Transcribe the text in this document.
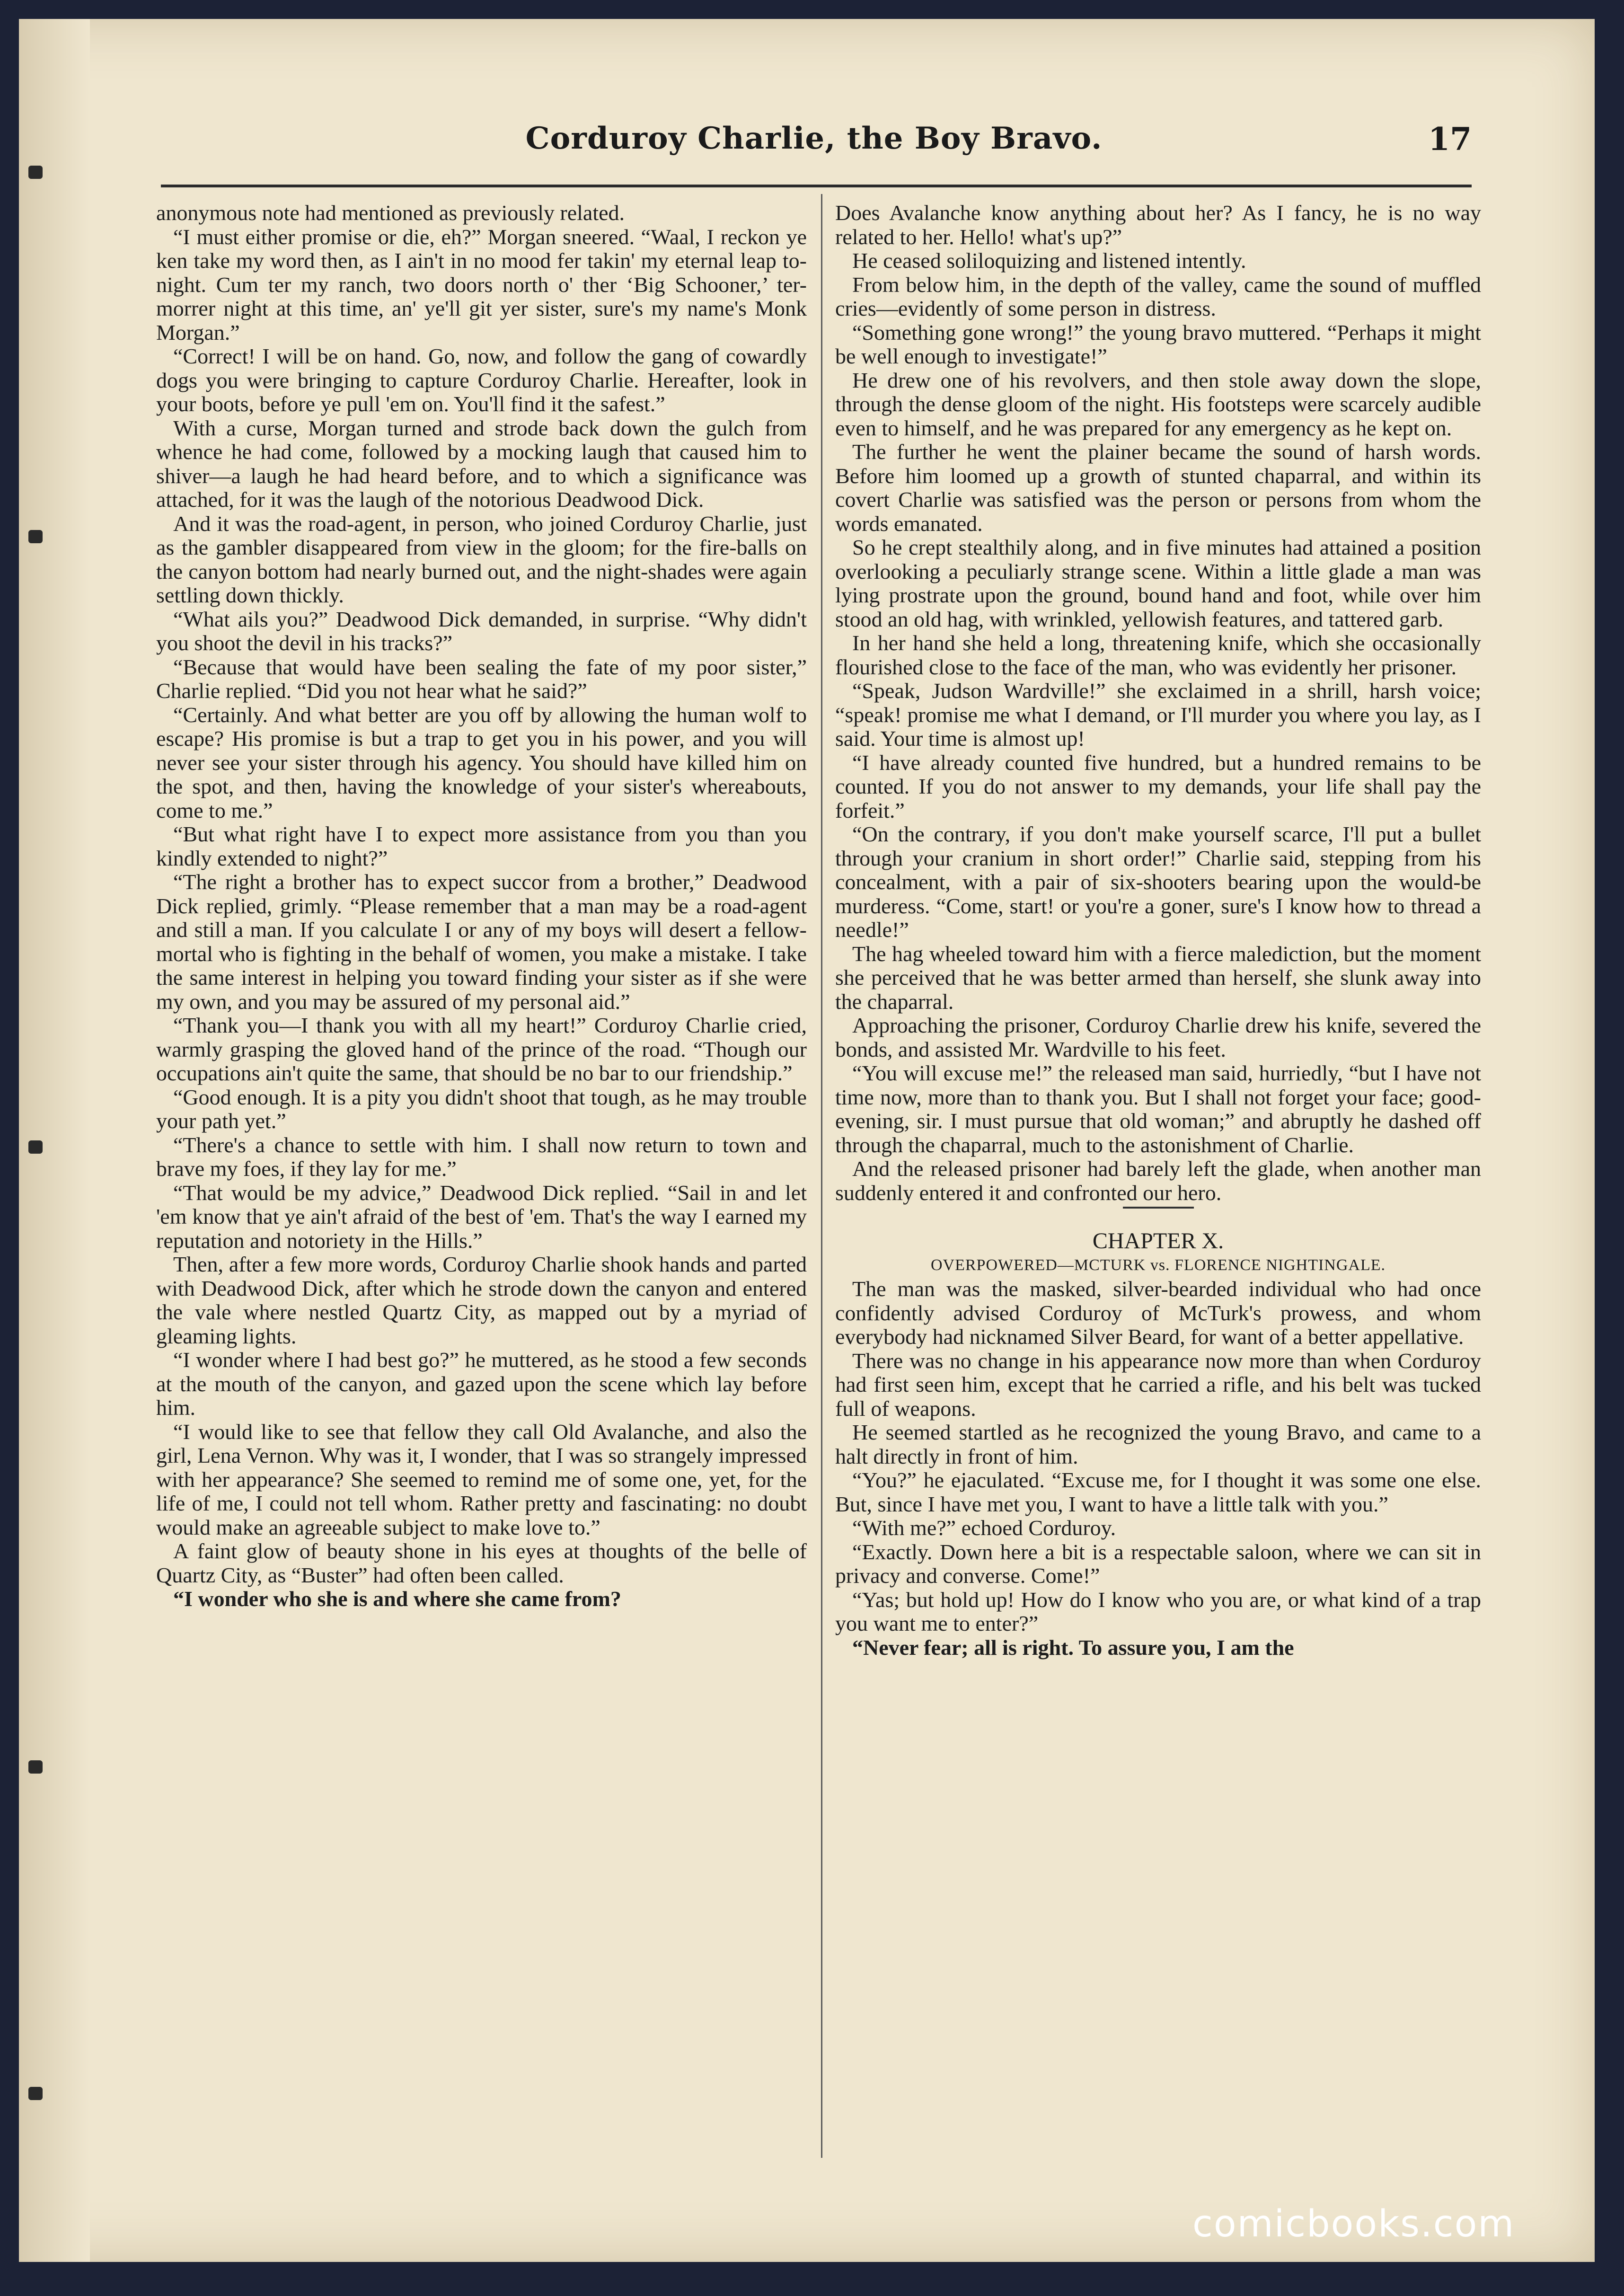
Corduroy Charlie, the Boy Bravo.	17

anonymous note had mentioned as previously related.

“I must either promise or die, eh?” Morgan sneered. “Waal, I reckon ye ken take my word then, as I ain't in no mood fer takin' my eternal leap to-night. Cum ter my ranch, two doors north o' ther ‘Big Schooner,’ ter-morrer night at this time, an' ye'll git yer sister, sure's my name's Monk Morgan.”

“Correct! I will be on hand. Go, now, and follow the gang of cowardly dogs you were bringing to capture Corduroy Charlie. Hereafter, look in your boots, before ye pull 'em on. You'll find it the safest.”

With a curse, Morgan turned and strode back down the gulch from whence he had come, followed by a mocking laugh that caused him to shiver—a laugh he had heard before, and to which a significance was attached, for it was the laugh of the notorious Deadwood Dick.

And it was the road-agent, in person, who joined Corduroy Charlie, just as the gambler disappeared from view in the gloom; for the fire-balls on the canyon bottom had nearly burned out, and the night-shades were again settling down thickly.

“What ails you?” Deadwood Dick demanded, in surprise. “Why didn't you shoot the devil in his tracks?”

“Because that would have been sealing the fate of my poor sister,” Charlie replied. “Did you not hear what he said?”

“Certainly. And what better are you off by allowing the human wolf to escape? His promise is but a trap to get you in his power, and you will never see your sister through his agency. You should have killed him on the spot, and then, having the knowledge of your sister's whereabouts, come to me.”

“But what right have I to expect more assistance from you than you kindly extended to night?”

“The right a brother has to expect succor from a brother,” Deadwood Dick replied, grimly. “Please remember that a man may be a road-agent and still a man. If you calculate I or any of my boys will desert a fellow-mortal who is fighting in the behalf of women, you make a mistake. I take the same interest in helping you toward finding your sister as if she were my own, and you may be assured of my personal aid.”

“Thank you—I thank you with all my heart!” Corduroy Charlie cried, warmly grasping the gloved hand of the prince of the road. “Though our occupations ain't quite the same, that should be no bar to our friendship.”

“Good enough. It is a pity you didn't shoot that tough, as he may trouble your path yet.”

“There's a chance to settle with him. I shall now return to town and brave my foes, if they lay for me.”

“That would be my advice,” Deadwood Dick replied. “Sail in and let 'em know that ye ain't afraid of the best of 'em. That's the way I earned my reputation and notoriety in the Hills.”

Then, after a few more words, Corduroy Charlie shook hands and parted with Deadwood Dick, after which he strode down the canyon and entered the vale where nestled Quartz City, as mapped out by a myriad of gleaming lights.

“I wonder where I had best go?” he muttered, as he stood a few seconds at the mouth of the canyon, and gazed upon the scene which lay before him.

“I would like to see that fellow they call Old Avalanche, and also the girl, Lena Vernon. Why was it, I wonder, that I was so strangely impressed with her appearance? She seemed to remind me of some one, yet, for the life of me, I could not tell whom. Rather pretty and fascinating: no doubt would make an agreeable subject to make love to.”

A faint glow of beauty shone in his eyes at thoughts of the belle of Quartz City, as “Buster” had often been called.

“I wonder who she is and where she came from?

Does Avalanche know anything about her? As I fancy, he is no way related to her. Hello! what's up?”

He ceased soliloquizing and listened intently.

From below him, in the depth of the valley, came the sound of muffled cries—evidently of some person in distress.

“Something gone wrong!” the young bravo muttered. “Perhaps it might be well enough to investigate!”

He drew one of his revolvers, and then stole away down the slope, through the dense gloom of the night. His footsteps were scarcely audible even to himself, and he was prepared for any emergency as he kept on.

The further he went the plainer became the sound of harsh words. Before him loomed up a growth of stunted chaparral, and within its covert Charlie was satisfied was the person or persons from whom the words emanated.

So he crept stealthily along, and in five minutes had attained a position overlooking a peculiarly strange scene. Within a little glade a man was lying prostrate upon the ground, bound hand and foot, while over him stood an old hag, with wrinkled, yellowish features, and tattered garb.

In her hand she held a long, threatening knife, which she occasionally flourished close to the face of the man, who was evidently her prisoner.

“Speak, Judson Wardville!” she exclaimed in a shrill, harsh voice; “speak! promise me what I demand, or I'll murder you where you lay, as I said. Your time is almost up!

“I have already counted five hundred, but a hundred remains to be counted. If you do not answer to my demands, your life shall pay the forfeit.”

“On the contrary, if you don't make yourself scarce, I'll put a bullet through your cranium in short order!” Charlie said, stepping from his concealment, with a pair of six-shooters bearing upon the would-be murderess. “Come, start! or you're a goner, sure's I know how to thread a needle!”

The hag wheeled toward him with a fierce malediction, but the moment she perceived that he was better armed than herself, she slunk away into the chaparral.

Approaching the prisoner, Corduroy Charlie drew his knife, severed the bonds, and assisted Mr. Wardville to his feet.

“You will excuse me!” the released man said, hurriedly, “but I have not time now, more than to thank you. But I shall not forget your face; good-evening, sir. I must pursue that old woman;” and abruptly he dashed off through the chaparral, much to the astonishment of Charlie.

And the released prisoner had barely left the glade, when another man suddenly entered it and confronted our hero.

CHAPTER X.

OVERPOWERED—MCTURK vs. FLORENCE NIGHTINGALE.

The man was the masked, silver-bearded individual who had once confidently advised Corduroy of McTurk's prowess, and whom everybody had nicknamed Silver Beard, for want of a better appellative.

There was no change in his appearance now more than when Corduroy had first seen him, except that he carried a rifle, and his belt was tucked full of weapons.

He seemed startled as he recognized the young Bravo, and came to a halt directly in front of him.

“You?” he ejaculated. “Excuse me, for I thought it was some one else. But, since I have met you, I want to have a little talk with you.”

“With me?” echoed Corduroy.

“Exactly. Down here a bit is a respectable saloon, where we can sit in privacy and converse. Come!”

“Yas; but hold up! How do I know who you are, or what kind of a trap you want me to enter?”

“Never fear; all is right. To assure you, I am the

comicbooks.com
